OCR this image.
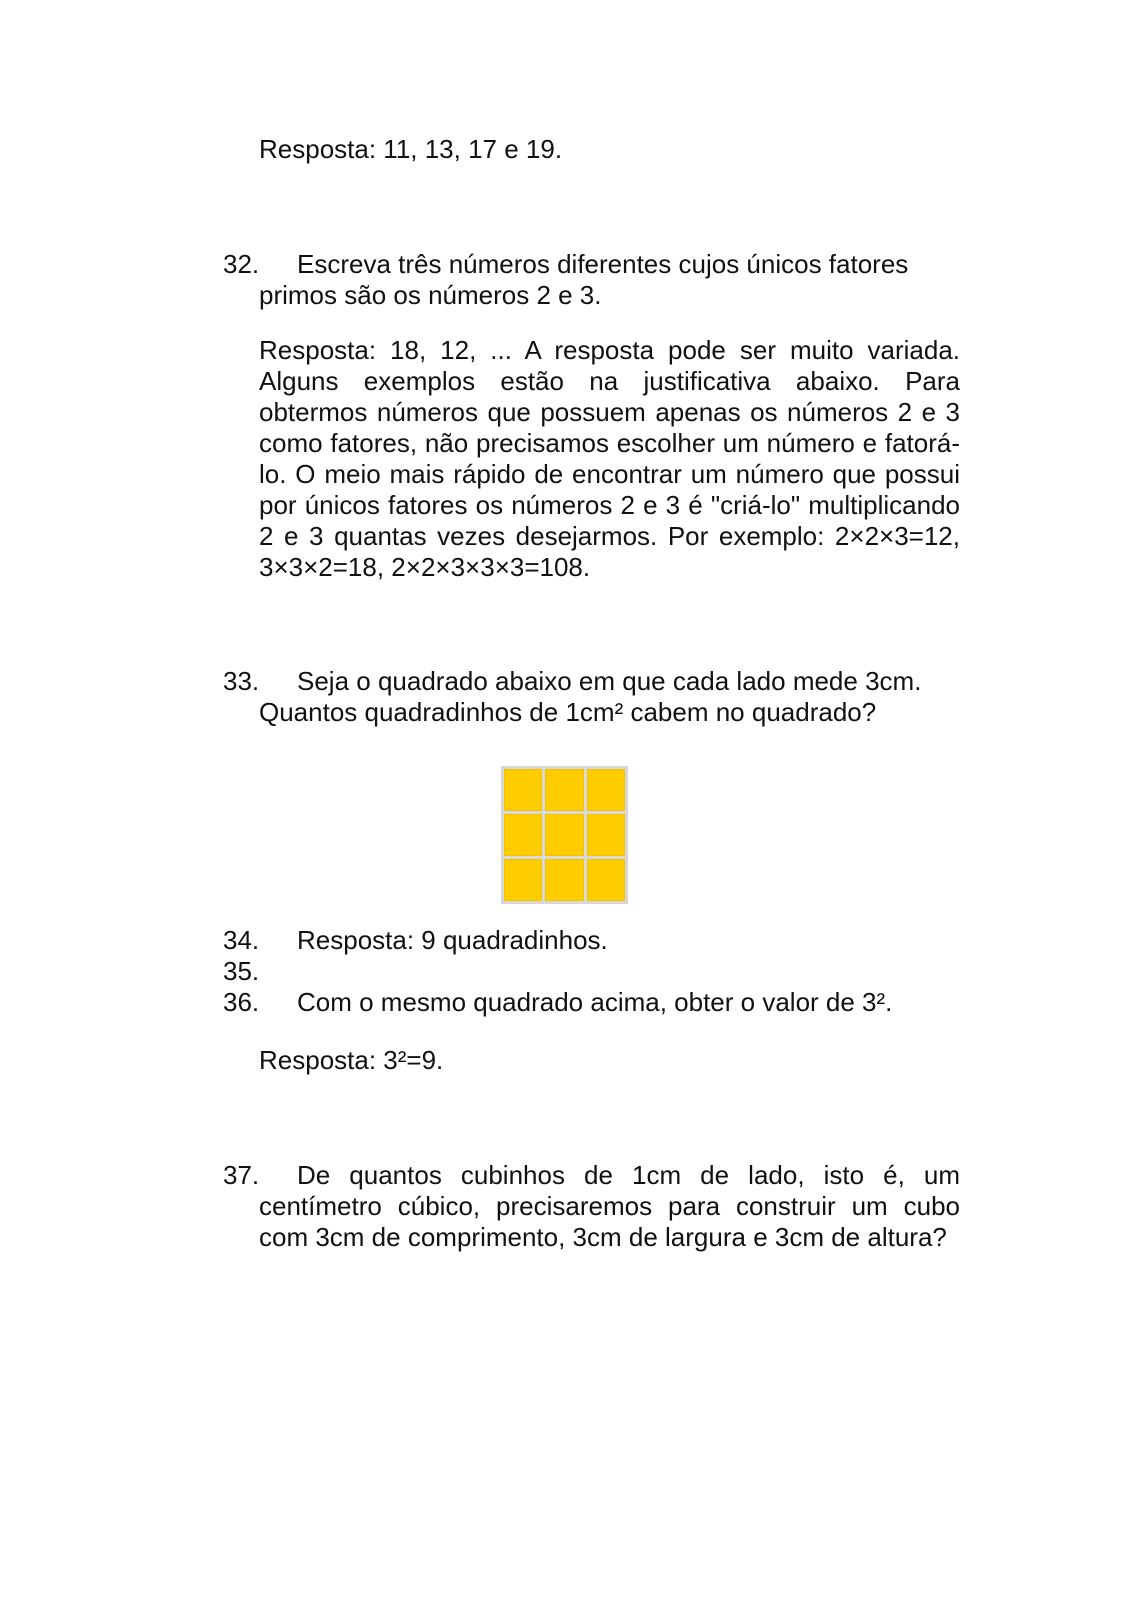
Resposta: 11, 13, 17 e 19.
32.	Escreva três números diferentes cujos únicos fatores
primos são os números 2 e 3.
Resposta: 18, 12, ... A resposta pode ser muito variada. Alguns exemplos estão na justificativa abaixo. Para obtermos números que possuem apenas os números 2 e 3 como fatores, não precisamos escolher um número e fatorá-lo. O meio mais rápido de encontrar um número que possui por únicos fatores os números 2 e 3 é "criá-lo" multiplicando 2 e 3 quantas vezes desejarmos. Por exemplo: 2×2×3=12, 3×3×2=18, 2×2×3×3×3=108.
33.	Seja o quadrado abaixo em que cada lado mede 3cm.
Quantos quadradinhos de 1cm² cabem no quadrado?
34.	Resposta: 9 quadradinhos.
35.
36.	Com o mesmo quadrado acima, obter o valor de 3².
Resposta: 3²=9.
37.	De quantos cubinhos de 1cm de lado, isto é, um centímetro cúbico, precisaremos para construir um cubo com 3cm de comprimento, 3cm de largura e 3cm de altura?
